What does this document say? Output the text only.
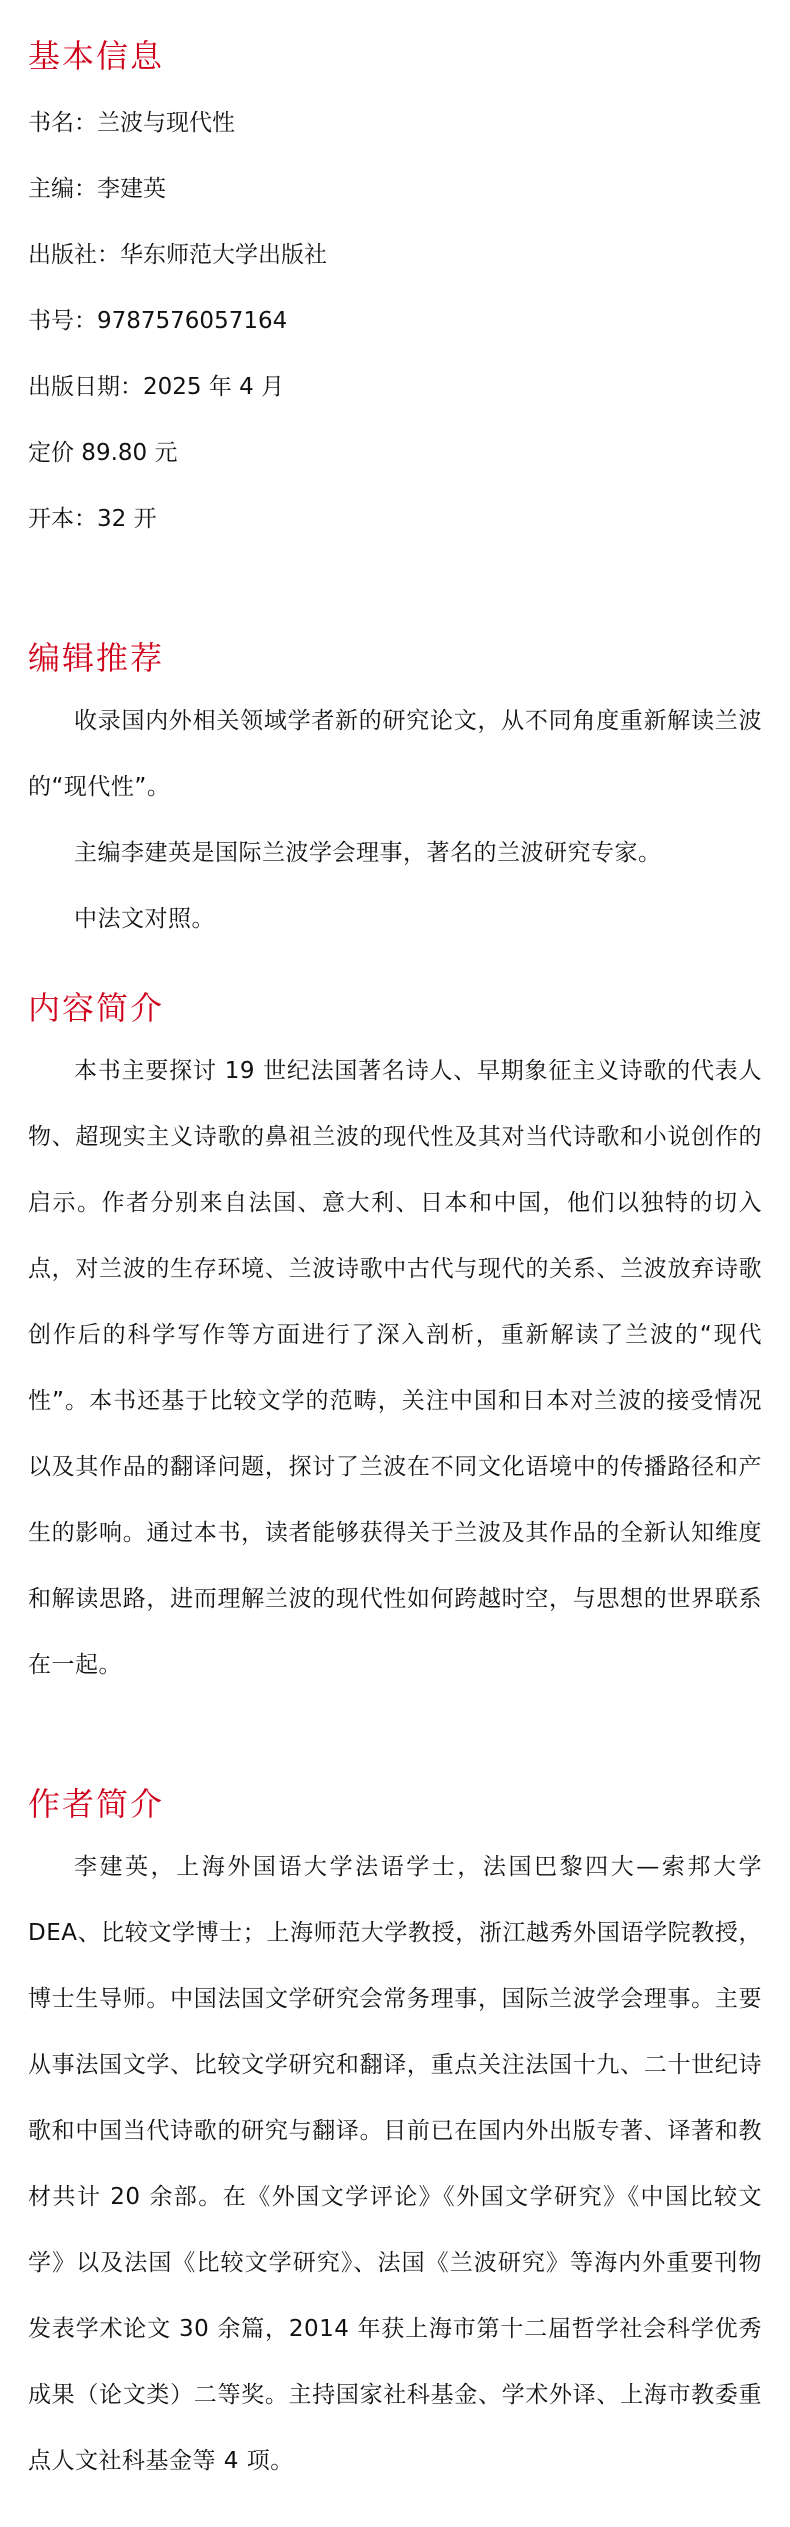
基本信息

书名：兰波与现代性

主编：李建英

出版社：华东师范大学出版社

书号：9787576057164

出版日期：2025 年 4 月

定价 89.80 元

开本：32 开

编辑推荐

收录国内外相关领域学者新的研究论文，从不同角度重新解读兰波的“现代性”。

主编李建英是国际兰波学会理事，著名的兰波研究专家。

中法文对照。

内容简介

本书主要探讨 19 世纪法国著名诗人、早期象征主义诗歌的代表人物、超现实主义诗歌的鼻祖兰波的现代性及其对当代诗歌和小说创作的启示。作者分别来自法国、意大利、日本和中国，他们以独特的切入点，对兰波的生存环境、兰波诗歌中古代与现代的关系、兰波放弃诗歌创作后的科学写作等方面进行了深入剖析，重新解读了兰波的“现代性”。本书还基于比较文学的范畴，关注中国和日本对兰波的接受情况以及其作品的翻译问题，探讨了兰波在不同文化语境中的传播路径和产生的影响。通过本书，读者能够获得关于兰波及其作品的全新认知维度和解读思路，进而理解兰波的现代性如何跨越时空，与思想的世界联系在一起。

作者简介

李建英，上海外国语大学法语学士，法国巴黎四大—索邦大学 DEA、比较文学博士；上海师范大学教授，浙江越秀外国语学院教授，博士生导师。中国法国文学研究会常务理事，国际兰波学会理事。主要从事法国文学、比较文学研究和翻译，重点关注法国十九、二十世纪诗歌和中国当代诗歌的研究与翻译。目前已在国内外出版专著、译著和教材共计 20 余部。在《外国文学评论》《外国文学研究》《中国比较文学》以及法国《比较文学研究》、法国《兰波研究》等海内外重要刊物发表学术论文 30 余篇，2014 年获上海市第十二届哲学社会科学优秀成果（论文类）二等奖。主持国家社科基金、学术外译、上海市教委重点人文社科基金等 4 项。
